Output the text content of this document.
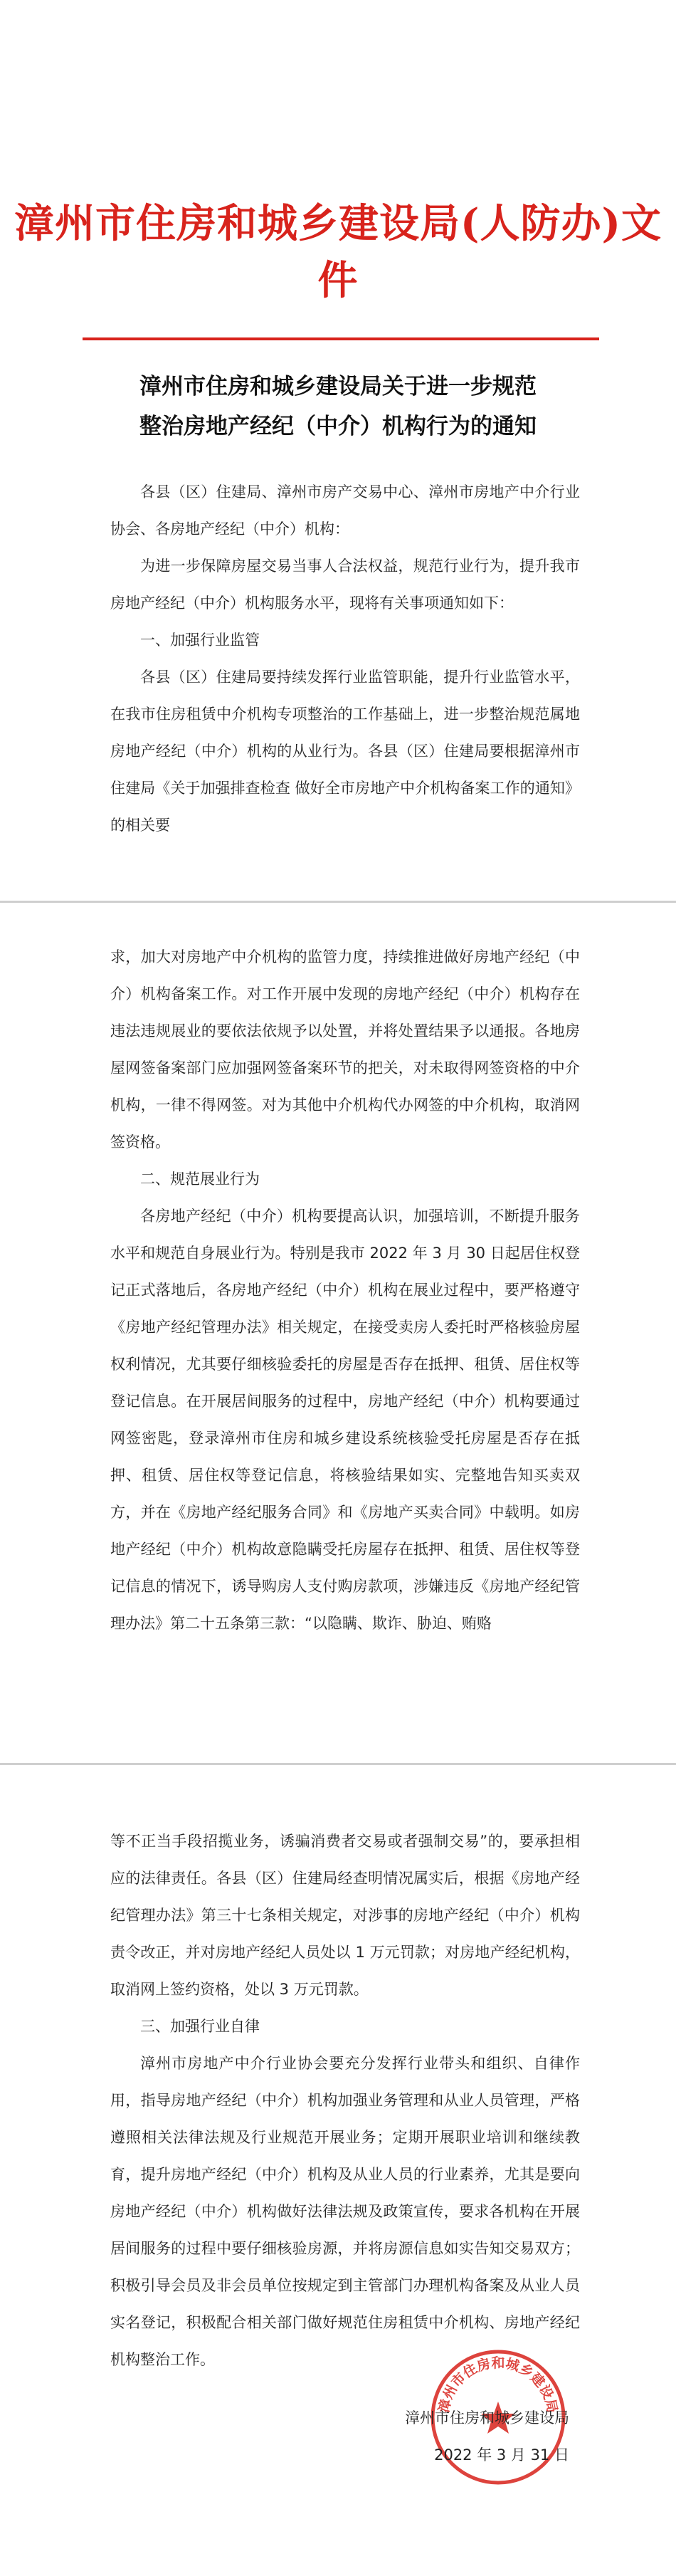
漳州市住房和城乡建设局(人防办)文件
漳州市住房和城乡建设局关于进一步规范
整治房地产经纪（中介）机构行为的通知

各县（区）住建局、漳州市房产交易中心、漳州市房地产中介行业协会、各房地产经纪（中介）机构：

为进一步保障房屋交易当事人合法权益，规范行业行为，提升我市房地产经纪（中介）机构服务水平，现将有关事项通知如下：

一、加强行业监管

各县（区）住建局要持续发挥行业监管职能，提升行业监管水平，在我市住房租赁中介机构专项整治的工作基础上，进一步整治规范属地房地产经纪（中介）机构的从业行为。各县（区）住建局要根据漳州市住建局《关于加强排查检查 做好全市房地产中介机构备案工作的通知》的相关要

求，加大对房地产中介机构的监管力度，持续推进做好房地产经纪（中介）机构备案工作。对工作开展中发现的房地产经纪（中介）机构存在违法违规展业的要依法依规予以处置，并将处置结果予以通报。各地房屋网签备案部门应加强网签备案环节的把关，对未取得网签资格的中介机构，一律不得网签。对为其他中介机构代办网签的中介机构，取消网签资格。

二、规范展业行为

各房地产经纪（中介）机构要提高认识，加强培训，不断提升服务水平和规范自身展业行为。特别是我市 2022 年 3 月 30 日起居住权登记正式落地后，各房地产经纪（中介）机构在展业过程中，要严格遵守《房地产经纪管理办法》相关规定，在接受卖房人委托时严格核验房屋权利情况，尤其要仔细核验委托的房屋是否存在抵押、租赁、居住权等登记信息。在开展居间服务的过程中，房地产经纪（中介）机构要通过网签密匙，登录漳州市住房和城乡建设系统核验受托房屋是否存在抵押、租赁、居住权等登记信息，将核验结果如实、完整地告知买卖双方，并在《房地产经纪服务合同》和《房地产买卖合同》中载明。如房地产经纪（中介）机构故意隐瞒受托房屋存在抵押、租赁、居住权等登记信息的情况下，诱导购房人支付购房款项，涉嫌违反《房地产经纪管理办法》第二十五条第三款：“以隐瞒、欺诈、胁迫、贿赂

等不正当手段招揽业务，诱骗消费者交易或者强制交易”的，要承担相应的法律责任。各县（区）住建局经查明情况属实后，根据《房地产经纪管理办法》第三十七条相关规定，对涉事的房地产经纪（中介）机构责令改正，并对房地产经纪人员处以 1 万元罚款；对房地产经纪机构，取消网上签约资格，处以 3 万元罚款。

三、加强行业自律

漳州市房地产中介行业协会要充分发挥行业带头和组织、自律作用，指导房地产经纪（中介）机构加强业务管理和从业人员管理，严格遵照相关法律法规及行业规范开展业务；定期开展职业培训和继续教育，提升房地产经纪（中介）机构及从业人员的行业素养，尤其是要向房地产经纪（中介）机构做好法律法规及政策宣传，要求各机构在开展居间服务的过程中要仔细核验房源，并将房源信息如实告知交易双方；积极引导会员及非会员单位按规定到主管部门办理机构备案及从业人员实名登记，积极配合相关部门做好规范住房租赁中介机构、房地产经纪机构整治工作。

漳州市住房和城乡建设局
漳州市住房和城乡建设局
2022 年 3 月 31 日
